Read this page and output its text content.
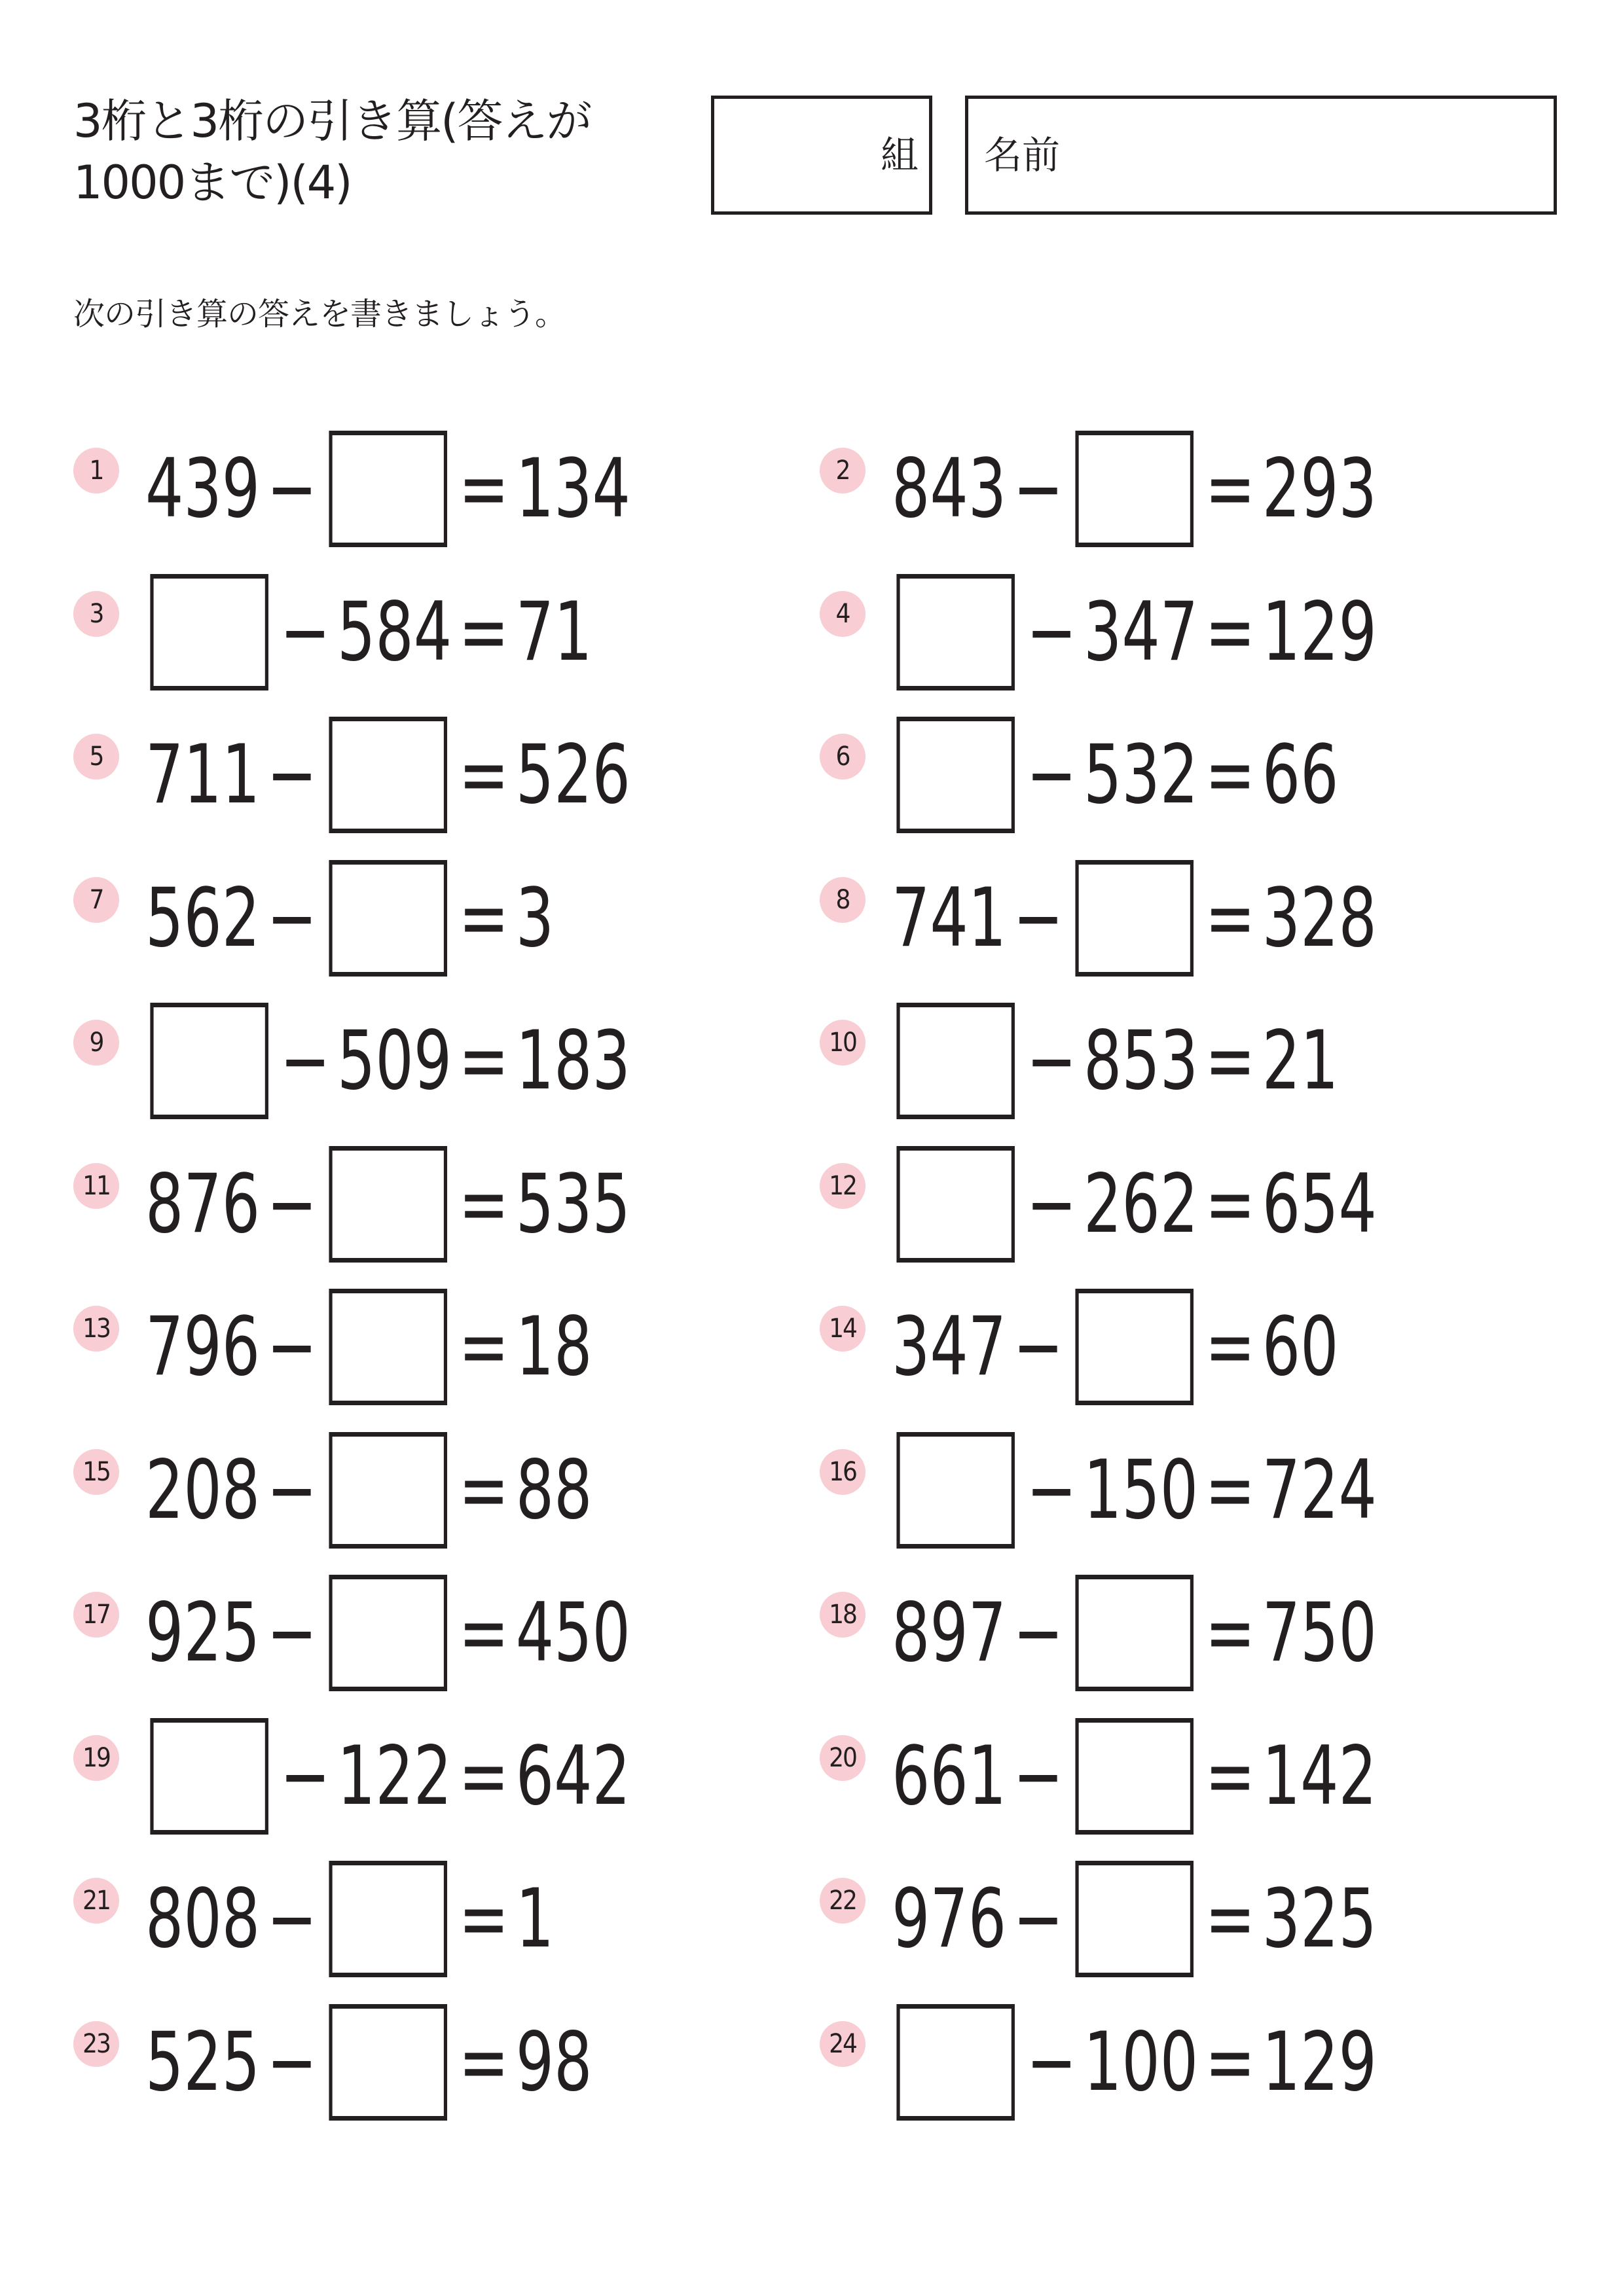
3桁と3桁の引き算(答えが1000まで)(4)
組 名前

次の引き算の答えを書きましょう。

1 439 − = 134	2 843 − = 293
3 − 584 = 71	4 − 347 = 129
5 711 − = 526	6 − 532 = 66
7 562 − = 3	8 741 − = 328
9 − 509 = 183	10 − 853 = 21
11 876 − = 535	12 − 262 = 654
13 796 − = 18	14 347 − = 60
15 208 − = 88	16 − 150 = 724
17 925 − = 450	18 897 − = 750
19 − 122 = 642	20 661 − = 142
21 808 − = 1	22 976 − = 325
23 525 − = 98	24 − 100 = 129
